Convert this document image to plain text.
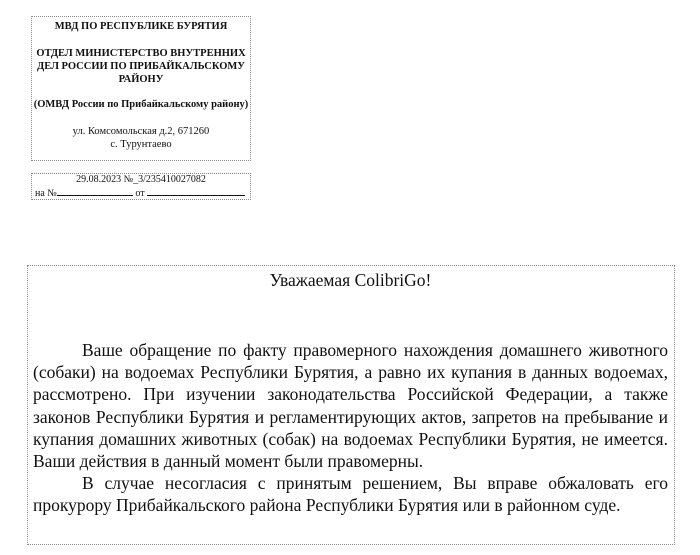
МВД ПО РЕСПУБЛИКЕ БУРЯТИЯ
ОТДЕЛ МИНИСТЕРСТВО ВНУТРЕННИХ
ДЕЛ РОССИИ ПО ПРИБАЙКАЛЬСКОМУ
РАЙОНУ
(ОМВД России по Прибайкальскому району)
ул. Комсомольская д.2, 671260
с. Турунтаево
29.08.2023 №_3/235410027082
на №	от
Уважаемая ColibriGo!

Ваше обращение по факту правомерного нахождения домашнего животного (собаки) на водоемах Республики Бурятия, а равно их купания в данных водоемах, рассмотрено. При изучении законодательства Российской Федерации, а также законов Республики Бурятия и регламентирующих актов, запретов на пребывание и купания домашних животных (собак) на водоемах Республики Бурятия, не имеется. Ваши действия в данный момент были правомерны.

В случае несогласия с принятым решением, Вы вправе обжаловать его прокурору Прибайкальского района Республики Бурятия или в районном суде.
